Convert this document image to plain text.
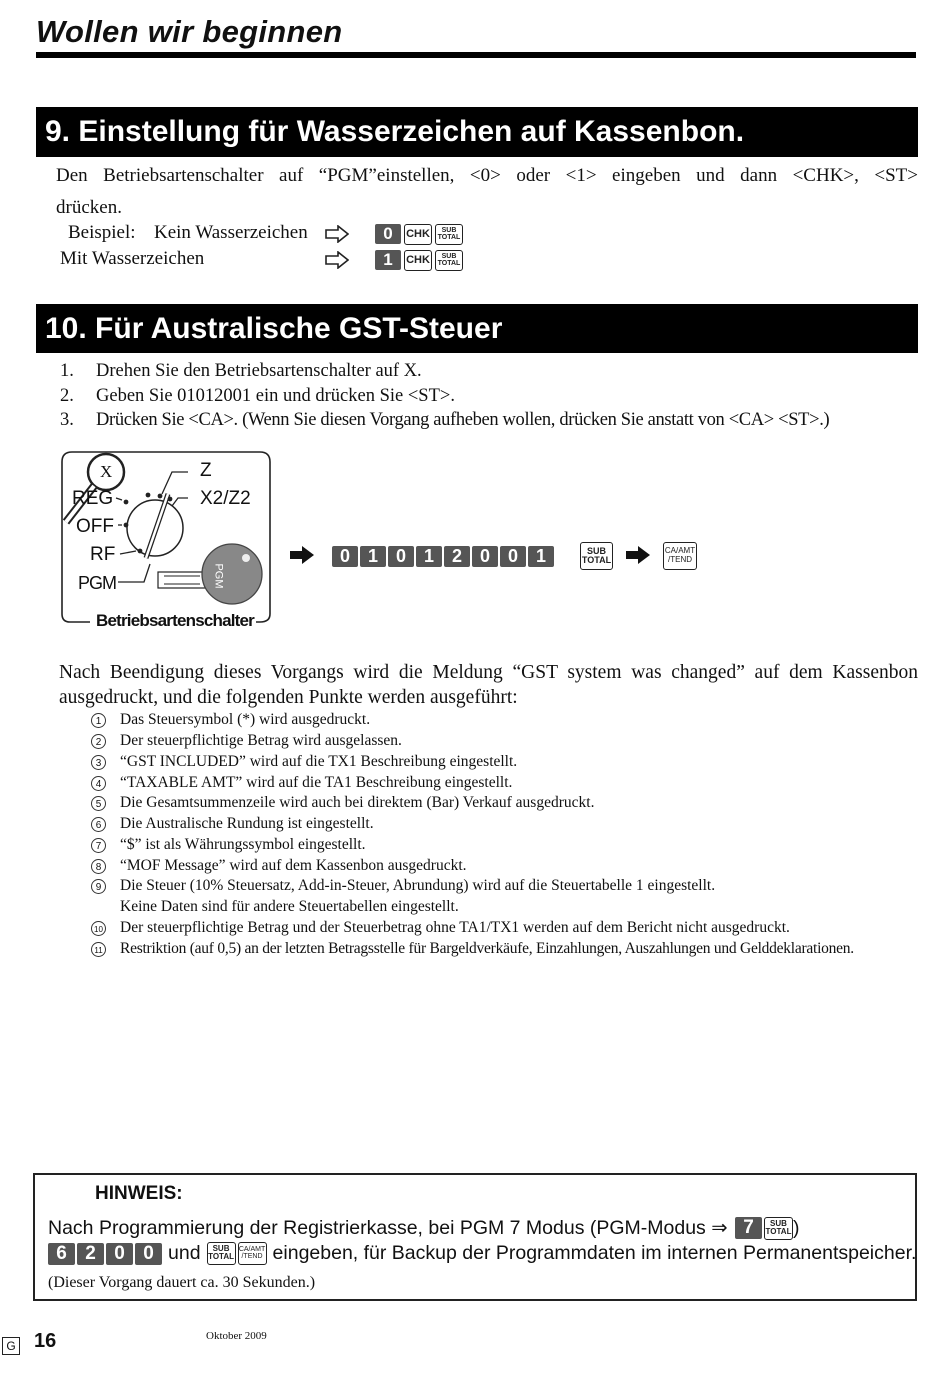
Wollen wir beginnen
9. Einstellung für Wasserzeichen auf Kassenbon.
Den Betriebsartenschalter auf “PGM”einstellen, <0> oder <1> eingeben und dann <CHK>, <ST>
drücken.
Beispiel: Kein Wasserzeichen	0	CHK	SUB
TOTAL
Mit Wasserzeichen	1	CHK	SUB
TOTAL
10. Für Australische GST-Steuer
1. Drehen Sie den Betriebsartenschalter auf X.
2. Geben Sie 01012001 ein und drücken Sie <ST>.
3. Drücken Sie <CA>. (Wenn Sie diesen Vorgang aufheben wollen, drücken Sie anstatt von <CA> <ST>.)
X	Z
REG	X2/Z2
OFF
RF
PGM	PGM
Betriebsartenschalter
0 1 0 1 2 0 0 1	SUB
TOTAL
CA/AMT
/TEND
Nach Beendigung dieses Vorgangs wird die Meldung “GST system was changed” auf dem Kassenbon
ausgedruckt, und die folgenden Punkte werden ausgeführt:
1	Das Steuersymbol (*) wird ausgedruckt.
2	Der steuerpflichtige Betrag wird ausgelassen.
3	“GST INCLUDED” wird auf die TX1 Beschreibung eingestellt.
4	“TAXABLE AMT” wird auf die TA1 Beschreibung eingestellt.
5	Die Gesamtsummenzeile wird auch bei direktem (Bar) Verkauf ausgedruckt.
6	Die Australische Rundung ist eingestellt.
7	“$” ist als Währungssymbol eingestellt.
8	“MOF Message” wird auf dem Kassenbon ausgedruckt.
9	Die Steuer (10% Steuersatz, Add-in-Steuer, Abrundung) wird auf die Steuertabelle 1 eingestellt.
Keine Daten sind für andere Steuertabellen eingestellt.
10 Der steuerpflichtige Betrag und der Steuerbetrag ohne TA1/TX1 werden auf dem Bericht nicht ausgedruckt.
11 Restriktion (auf 0,5) an der letzten Betragsstelle für Bargeldverkäufe, Einzahlungen, Auszahlungen und Gelddeklarationen.
HINWEIS:
Nach Programmierung der Registrierkasse, bei PGM 7 Modus (PGM-Modus ⇒ 7	SUB
TOTAL )
6 2 0 0 und	SUB
TOTAL
CA/AMT
/TEND eingeben, für Backup der Programmdaten im internen Permanentspeicher.
(Dieser Vorgang dauert ca. 30 Sekunden.)
G 16	Oktober 2009
